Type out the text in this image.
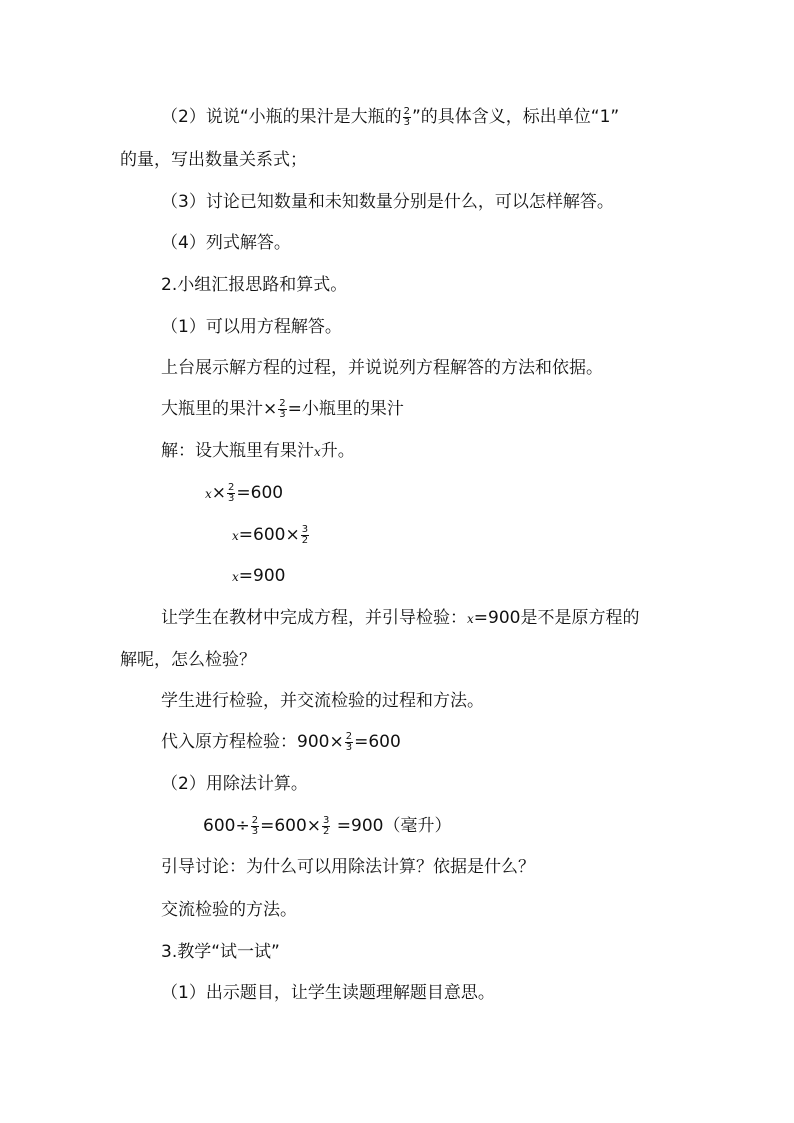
（2）说说“小瓶的果汁是大瓶的 $\frac{2}{3}$ ”的具体含义，标出单位“1”
的量，写出数量关系式；
（3）讨论已知数量和未知数量分别是什么，可以怎样解答。
（4）列式解答。
2.小组汇报思路和算式。
（1）可以用方程解答。
上台展示解方程的过程，并说说列方程解答的方法和依据。
大瓶里的果汁× $\frac{2}{3}$ =小瓶里的果汁
解：设大瓶里有果汁x升。
$x\times \frac{2}{3} =600$
$x=600\times \frac{3}{2}$
x=900
让学生在教材中完成方程，并引导检验：x=900是不是原方程的
解呢，怎么检验？
学生进行检验，并交流检验的过程和方法。
代入原方程检验：$900\times \frac{2}{3} =600$
（2）用除法计算。
$600\div \frac{2}{3} =600\times \frac{3}{2} =900$（毫升）
引导讨论：为什么可以用除法计算？依据是什么？
交流检验的方法。
3.教学“试一试”
（1）出示题目，让学生读题理解题目意思。
